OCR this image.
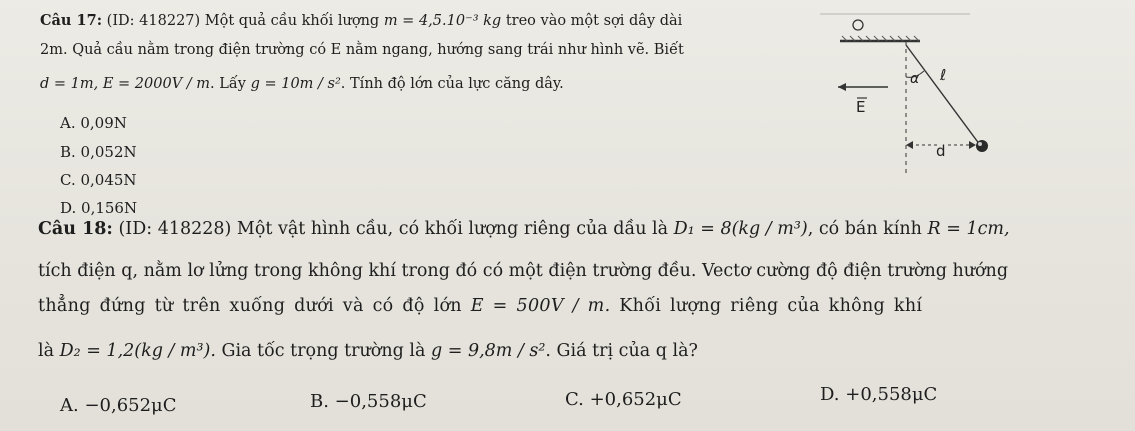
Câu 17: (ID: 418227) Một quả cầu khối lượng m = 4,5.10⁻³ kg treo vào một sợi dây dài
2m. Quả cầu nằm trong điện trường có E nằm ngang, hướng sang trái như hình vẽ. Biết
d = 1m, E = 2000V / m. Lấy g = 10m / s². Tính độ lớn của lực căng dây.
A. 0,09N
B. 0,052N
C. 0,045N
D. 0,156N
α ℓ
E
d
Câu 18: (ID: 418228) Một vật hình cầu, có khối lượng riêng của dầu là D₁ = 8(kg / m³), có bán kính R = 1cm,
tích điện q, nằm lơ lửng trong không khí trong đó có một điện trường đều. Vectơ cường độ điện trường hướng
thẳng đứng từ trên xuống dưới và có độ lớn E = 500V / m. Khối lượng riêng của không khí
là D₂ = 1,2(kg / m³). Gia tốc trọng trường là g = 9,8m / s². Giá trị của q là?
A. −0,652μC	B. −0,558μC	C. +0,652μC	D. +0,558μC
